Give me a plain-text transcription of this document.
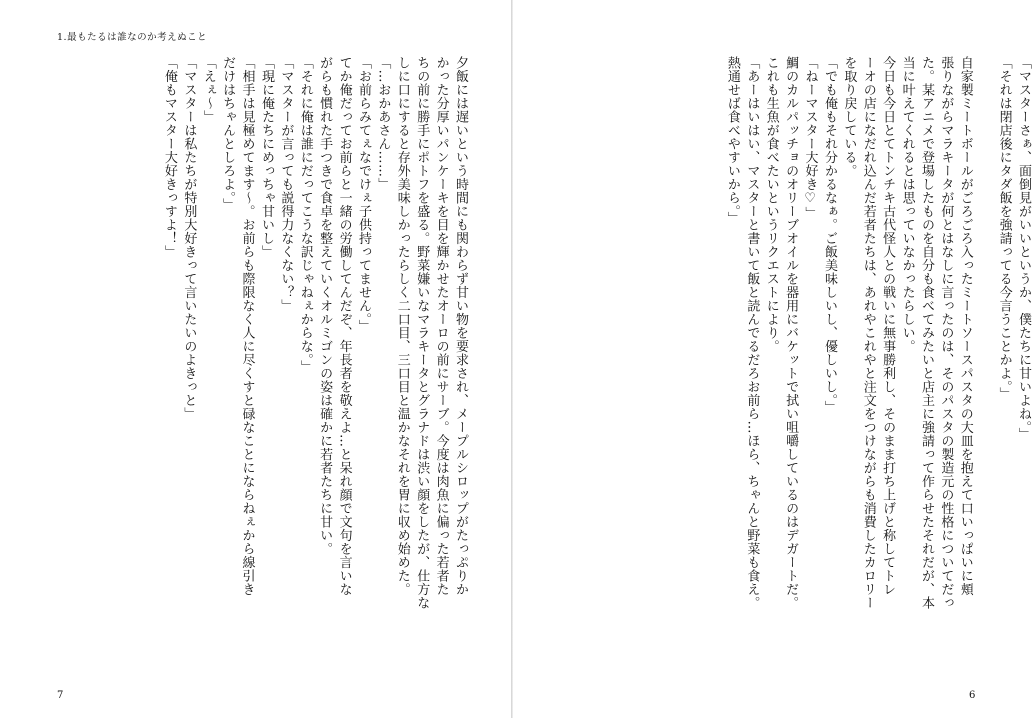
1.最もたるは誰なのか考えぬこと
夕飯には遅いという時間にも関わらず甘い物を要求され、メープルシロップがたっぷりか
かった分厚いパンケーキを目を輝かせたオーロの前にサーブ。今度は肉魚に偏った若者た
ちの前に勝手にポトフを盛る。野菜嫌いなマラキータとグラナドは渋い顔をしたが、仕方な
しに口にすると存外美味しかったらしく二口目、三口目と温かなそれを胃に収め始めた。
「…おかあさん……」
「お前らみてぇなでけぇ子供持ってません。」
てか俺だってお前らと一緒の労働してんだぞ、年長者を敬えよ…と呆れ顔で文句を言いな
がらも慣れた手つきで食卓を整えていくオルミゴンの姿は確かに若者たちに甘い。
「それに俺は誰にだってこうな訳じゃねぇからな。」
「マスターが言っても説得力なくない？」
「現に俺たちにめっちゃ甘いし」
「相手は見極めてます～。お前らも際限なく人に尽くすと碌なことにならねぇから線引き
だけはちゃんとしろよ。」
「えぇ～」
「マスターは私たちが特別大好きって言いたいのよきっと」
「俺もマスター大好きっすよ！」
7
「マスターさぁ、面倒見がいいというか、僕たちに甘いよね。」
「それは閉店後にタダ飯を強請ってる今言うことかよ。」

自家製ミートボールがごろごろ入ったミートソースパスタの大皿を抱えて口いっぱいに頬
張りながらマラキータが何とはなしに言ったのは、そのパスタの製造元の性格についてだっ
た。某アニメで登場したものを自分も食べてみたいと店主に強請って作らせたそれだが、本
当に叶えてくれるとは思っていなかったらしい。
今日も今日とてトンチキ古代怪人との戦いに無事勝利し、そのまま打ち上げと称してトレ
ーオの店になだれ込んだ若者たちは、あれやこれやと注文をつけながらも消費したカロリー
を取り戻している。
「でも俺もそれ分かるなぁ。ご飯美味しいし、優しいし。」
「ねーマスター大好き♡」
鯛のカルパッチョのオリーブオイルを器用にバケットで拭い咀嚼しているのはデガートだ。
これも生魚が食べたいというリクエストにより。
「あーはいはい、マスターと書いて飯と読んでるだろお前ら…ほら、ちゃんと野菜も食え。
熱通せば食べやすいから。」
6
